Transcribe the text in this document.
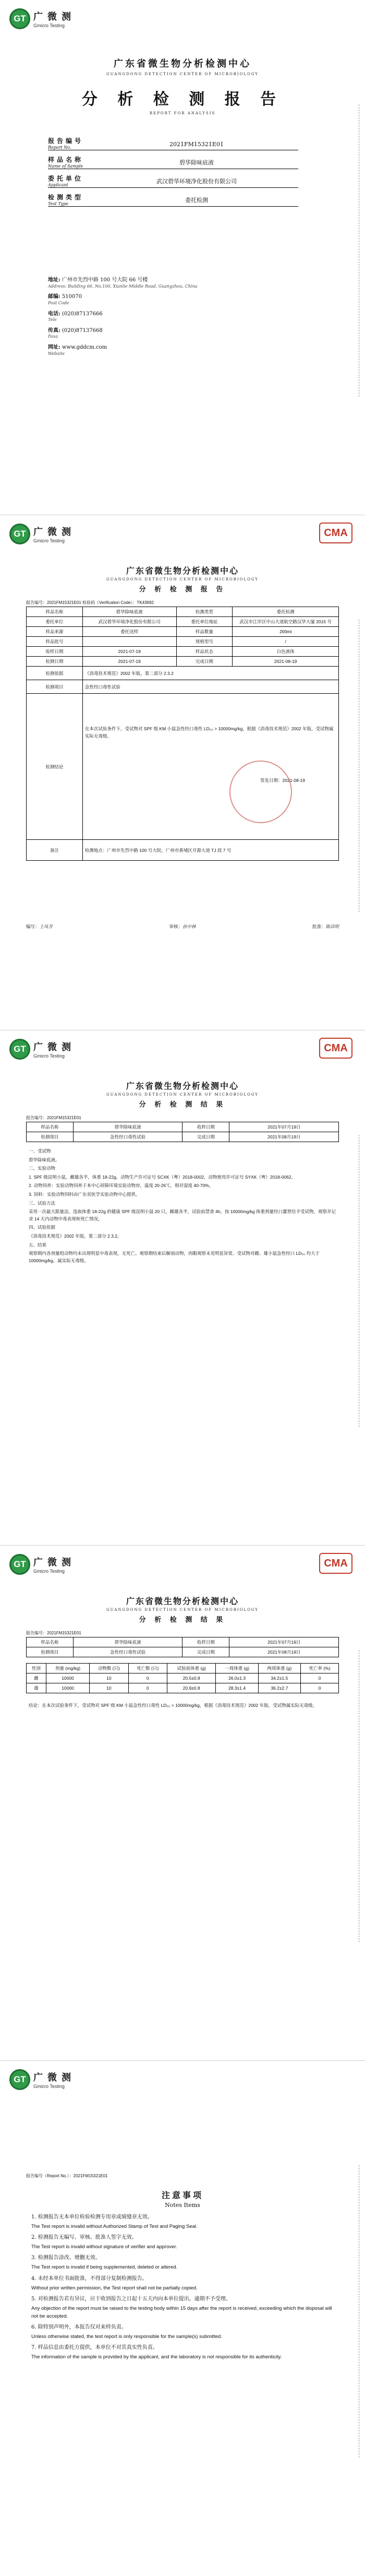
GT 广 微 测
Gmicro Testing
广东省微生物分析检测中心
GUANGDONG DETECTION CENTER OF MICROBIOLOGY
分 析 检 测 报 告
REPORT FOR ANALYSIS
报告编号
Report No.	2021FM15321E01
样品名称
Name of Sample
碧华除味底液
委托单位
Applicant
武汉碧华环境净化股份有限公司
检测类型
Test Type
委托检测
地址: 广州市先烈中路 100 号大院 66 号楼
Address: Building 66, No.100, Xianlie Middle Road, Guangzhou, China
邮编: 510070
Post Code
电话: (020)87137666
Tele
传真: (020)87137668
Faxa
网址: www.gddcm.com
Website
GT 广 微 测
Gmicro Testing
CMA
广东省微生物分析检测中心
GUANGDONG DETECTION CENTER OF MICROBIOLOGY
分 析 检 测 报 告
报告编号：2021FM15321E01 检验码（Verification Code）：TK43692
样品名称	碧华除味底液	检测类型	委托检测
委托单位	武汉碧华环境净化股份有限公司	委托单位地址	武汉市江岸区中山大道航空路汉华大厦 2015 号
样品来源	委托送样	样品数量	200ml
样品批号		规格型号	/
收样日期	2021-07-19	样品状态	白色液体
检测日期	2021-07-19	完成日期	2021-08-19
检测依据	《消毒技术规范》2002 年版，第二部分 2.3.2		
检测项目	急性经口毒性试验		
检测结论	在本次试验条件下，受试物对 SPF 级 KM 小鼠急性经口毒性 LD₅₀ > 10000mg/kg，根据《消毒技术规范》2002 年版，受试物属实际无毒级。
签发日期：2021-08-19		

备注	检测地点：广州市先烈中路 100 号大院，广州市黄埔区开源大道 TJ 段 7 号		
编写：王凤芳	审核：孙中林	批准：陈昌明
GT 广 微 测
Gmicro Testing
CMA
广东省微生物分析检测中心
GUANGDONG DETECTION CENTER OF MICROBIOLOGY
分 析 检 测 结 果
报告编号：2021FM15321E01
样品名称	碧华除味底液	收样日期	2021年07月19日
检测项目	急性经口毒性试验	完成日期	2021年08月19日

一、受试物

碧华除味底液。

二、实验动物

1. SPF 级昆明小鼠，雌雄各半，体重 18-22g，动物生产许可证号 SCXK（粤）2018-0002，动物使用许可证号 SYXK（粤）2018-0062。

2. 动物饲养：实验动物饲养于本中心屏障环境实验动物房，温度 20-26℃，相对湿度 40-70%。

3. 饲料：实验动物饲料由广东省医学实验动物中心提供。

三、试验方法

采用一次最大限量法。选取体重 18-22g 的健康 SPF 级昆明小鼠 20 只，雌雄各半，试验前禁食 4h，按 10000mg/kg 体重剂量经口灌胃给予受试物，观察并记录 14 天内动物中毒表现和死亡情况。

四、试验依据

《消毒技术规范》2002 年版，第二部分 2.3.2。

五、结果

观察期内各剂量组动物均未出现明显中毒表现，无死亡。观察期结束后解剖动物，肉眼观察未见明显异常。受试物对雌、雄小鼠急性经口 LD₅₀ 均大于 10000mg/kg，属实际无毒级。

GT 广 微 测
Gmicro Testing
CMA
广东省微生物分析检测中心
GUANGDONG DETECTION CENTER OF MICROBIOLOGY
分 析 检 测 结 果
报告编号：2021FM15321E01
样品名称	碧华除味底液	收样日期	2021年07月19日
检测项目	急性经口毒性试验	完成日期	2021年08月19日
性别	剂量 (mg/kg)	动物数 (只)	死亡数 (只)	试验前体重 (g)	一周体重 (g)	两周体重 (g)	死亡率 (%)
雌	10000	10	0	20.5±0.8	26.0±1.3	34.2±1.5	0
雄	10000	10	0	20.9±0.8	28.3±1.4	36.2±2.7	0
结论：在本次试验条件下，受试物对 SPF 级 KM 小鼠急性经口毒性 LD₅₀ > 10000mg/kg，根据《消毒技术规范》2002 年版，受试物属实际无毒级。
GT 广 微 测
Gmicro Testing
报告编号（Report No.）：2021FM15321E01
注意事项
Notes Items

1. 检测报告无本单位检验检测专用章或骑缝章无效。

The Test report is invalid without Authorized Stamp of Test and Paging Seal.

2. 检测报告无编写、审核、批准人签字无效。

The Test report is invalid without signature of verifier and approver.

3. 检测报告涂改、增删无效。

The Test report is invalid if being supplemented, deleted or altered.

4. 未经本单位书面批准，不得部分复制检测报告。

Without prior written permission, the Test report shall not be partially copied.

5. 对检测报告若有异议，应于收到报告之日起十五天内向本单位提出，逾期不予受理。

Any objection of the report must be raised to the testing body within 15 days after the report is received, exceeding which the disposal will not be accepted.

6. 除特别声明外，本报告仅对来样负责。

Unless otherwise stated, the test report is only responsible for the sample(s) submitted.

7. 样品信息由委托方提供，本单位不对其真实性负责。

The information of the sample is provided by the applicant, and the laboratory is not responsible for its authenticity.
